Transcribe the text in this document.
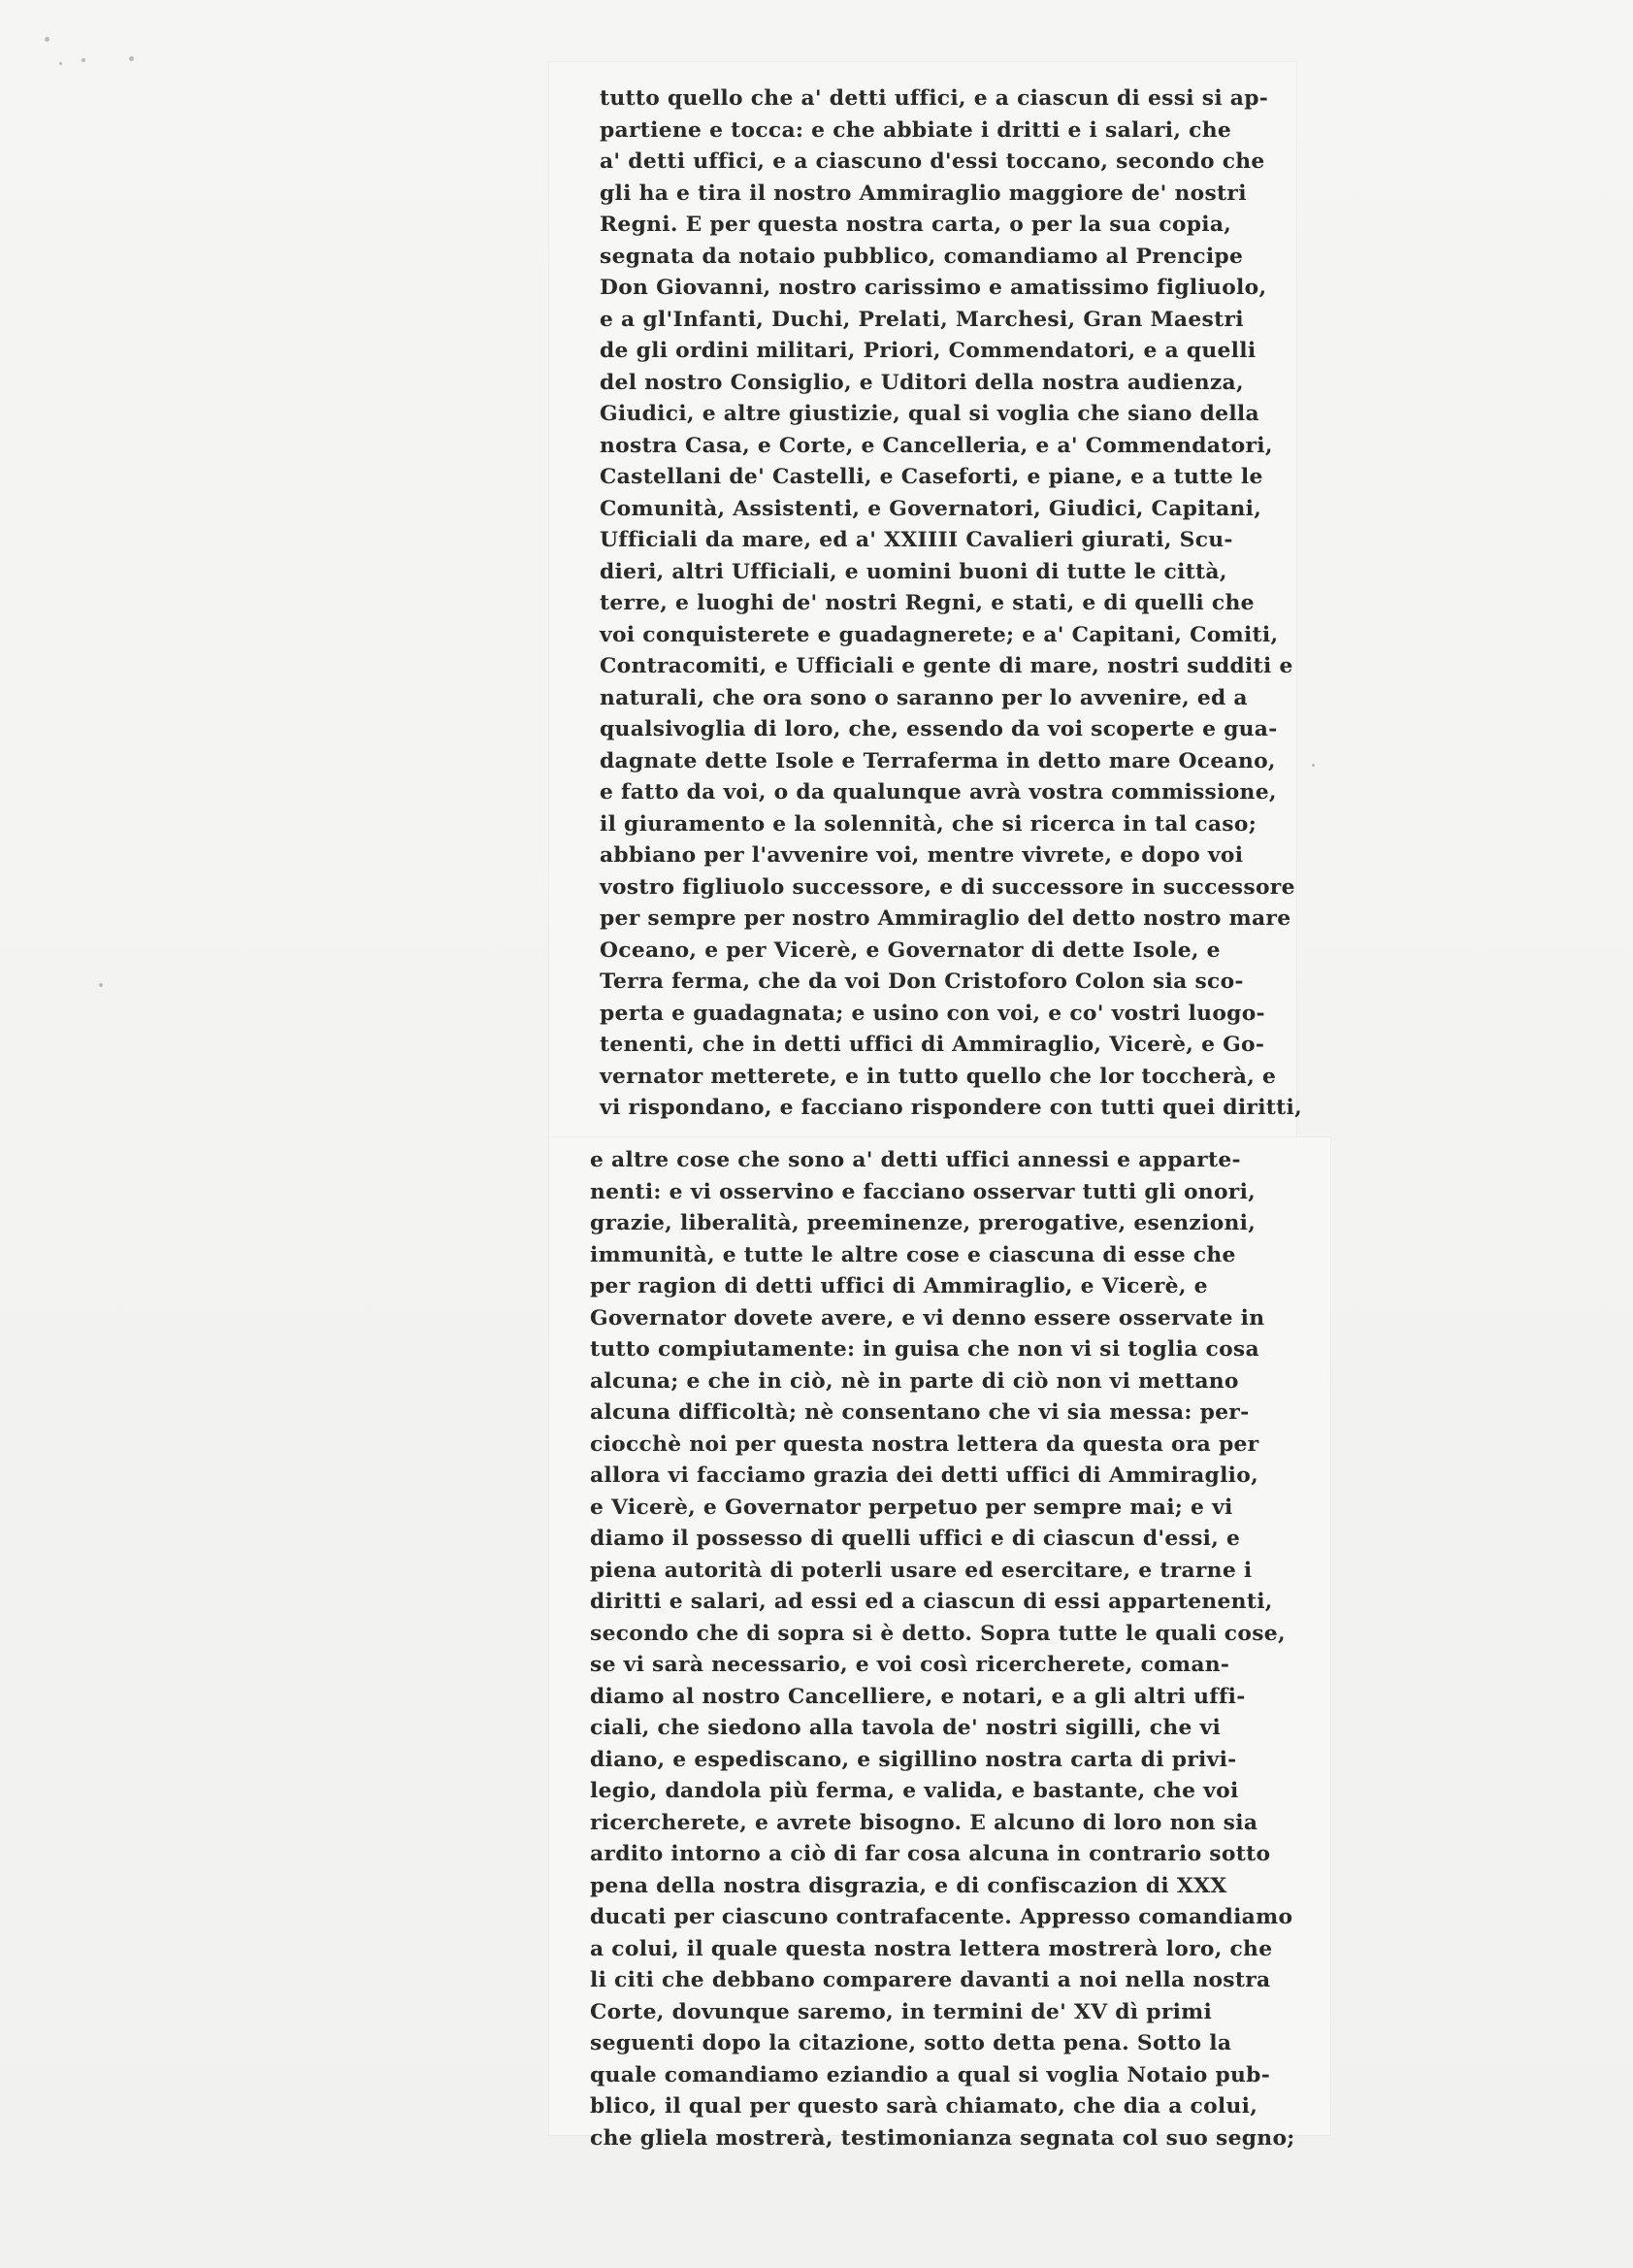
tutto quello che a' detti uffici, e a ciascun di essi si ap-
partiene e tocca: e che abbiate i dritti e i salari, che
a' detti uffici, e a ciascuno d'essi toccano, secondo che
gli ha e tira il nostro Ammiraglio maggiore de' nostri
Regni. E per questa nostra carta, o per la sua copia,
segnata da notaio pubblico, comandiamo al Prencipe
Don Giovanni, nostro carissimo e amatissimo figliuolo,
e a gl'Infanti, Duchi, Prelati, Marchesi, Gran Maestri
de gli ordini militari, Priori, Commendatori, e a quelli
del nostro Consiglio, e Uditori della nostra audienza,
Giudici, e altre giustizie, qual si voglia che siano della
nostra Casa, e Corte, e Cancelleria, e a' Commendatori,
Castellani de' Castelli, e Caseforti, e piane, e a tutte le
Comunità, Assistenti, e Governatori, Giudici, Capitani,
Ufficiali da mare, ed a' XXIIII Cavalieri giurati, Scu-
dieri, altri Ufficiali, e uomini buoni di tutte le città,
terre, e luoghi de' nostri Regni, e stati, e di quelli che
voi conquisterete e guadagnerete; e a' Capitani, Comiti,
Contracomiti, e Ufficiali e gente di mare, nostri sudditi e
naturali, che ora sono o saranno per lo avvenire, ed a
qualsivoglia di loro, che, essendo da voi scoperte e gua-
dagnate dette Isole e Terraferma in detto mare Oceano,
e fatto da voi, o da qualunque avrà vostra commissione,
il giuramento e la solennità, che si ricerca in tal caso;
abbiano per l'avvenire voi, mentre vivrete, e dopo voi
vostro figliuolo successore, e di successore in successore
per sempre per nostro Ammiraglio del detto nostro mare
Oceano, e per Vicerè, e Governator di dette Isole, e
Terra ferma, che da voi Don Cristoforo Colon sia sco-
perta e guadagnata; e usino con voi, e co' vostri luogo-
tenenti, che in detti uffici di Ammiraglio, Vicerè, e Go-
vernator metterete, e in tutto quello che lor toccherà, e
vi rispondano, e facciano rispondere con tutti quei diritti,
e altre cose che sono a' detti uffici annessi e apparte-
nenti: e vi osservino e facciano osservar tutti gli onori,
grazie, liberalità, preeminenze, prerogative, esenzioni,
immunità, e tutte le altre cose e ciascuna di esse che
per ragion di detti uffici di Ammiraglio, e Vicerè, e
Governator dovete avere, e vi denno essere osservate in
tutto compiutamente: in guisa che non vi si toglia cosa
alcuna; e che in ciò, nè in parte di ciò non vi mettano
alcuna difficoltà; nè consentano che vi sia messa: per-
ciocchè noi per questa nostra lettera da questa ora per
allora vi facciamo grazia dei detti uffici di Ammiraglio,
e Vicerè, e Governator perpetuo per sempre mai; e vi
diamo il possesso di quelli uffici e di ciascun d'essi, e
piena autorità di poterli usare ed esercitare, e trarne i
diritti e salari, ad essi ed a ciascun di essi appartenenti,
secondo che di sopra si è detto. Sopra tutte le quali cose,
se vi sarà necessario, e voi così ricercherete, coman-
diamo al nostro Cancelliere, e notari, e a gli altri uffi-
ciali, che siedono alla tavola de' nostri sigilli, che vi
diano, e espediscano, e sigillino nostra carta di privi-
legio, dandola più ferma, e valida, e bastante, che voi
ricercherete, e avrete bisogno. E alcuno di loro non sia
ardito intorno a ciò di far cosa alcuna in contrario sotto
pena della nostra disgrazia, e di confiscazion di XXX
ducati per ciascuno contrafacente. Appresso comandiamo
a colui, il quale questa nostra lettera mostrerà loro, che
li citi che debbano comparere davanti a noi nella nostra
Corte, dovunque saremo, in termini de' XV dì primi
seguenti dopo la citazione, sotto detta pena. Sotto la
quale comandiamo eziandio a qual si voglia Notaio pub-
blico, il qual per questo sarà chiamato, che dia a colui,
che gliela mostrerà, testimonianza segnata col suo segno;
